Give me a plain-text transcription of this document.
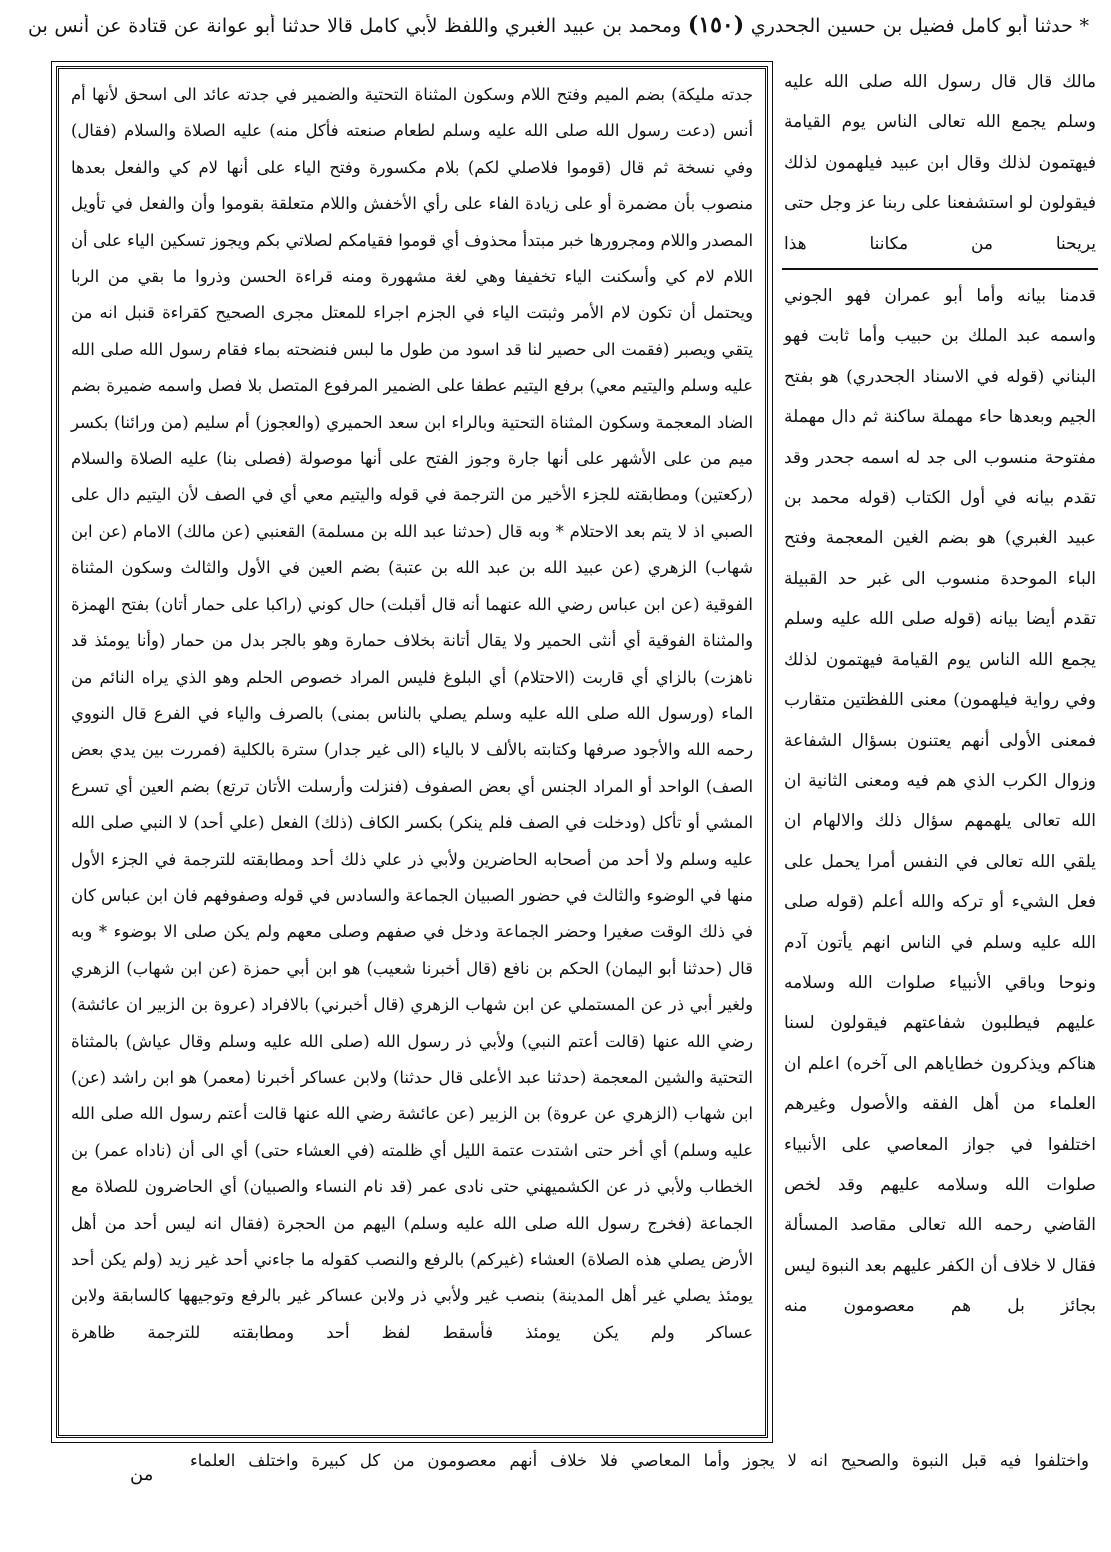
* حدثنا أبو كامل فضيل بن حسين الجحدري (١٥٠) ومحمد بن عبيد الغبري واللفظ لأبي كامل قالا حدثنا أبو عوانة عن قتادة عن أنس بن

مالك قال قال رسول الله صلى الله عليه وسلم يجمع الله تعالى الناس يوم القيامة فيهتمون لذلك وقال ابن عبيد فيلهمون لذلك فيقولون لو استشفعنا على ربنا عز وجل حتى يريحنا من مكاننا هذا

قدمنا بيانه وأما أبو عمران فهو الجوني واسمه عبد الملك بن حبيب وأما ثابت فهو البناني (قوله في الاسناد الجحدري) هو بفتح الجيم وبعدها حاء مهملة ساكنة ثم دال مهملة مفتوحة منسوب الى جد له اسمه جحدر وقد تقدم بيانه في أول الكتاب (قوله محمد بن عبيد الغبري) هو بضم الغين المعجمة وفتح الباء الموحدة منسوب الى غبر حد القبيلة تقدم أيضا بيانه (قوله صلى الله عليه وسلم يجمع الله الناس يوم القيامة فيهتمون لذلك وفي رواية فيلهمون) معنى اللفظتين متقارب فمعنى الأولى أنهم يعتنون بسؤال الشفاعة وزوال الكرب الذي هم فيه ومعنى الثانية ان الله تعالى يلهمهم سؤال ذلك والالهام ان يلقي الله تعالى في النفس أمرا يحمل على فعل الشيء أو تركه والله أعلم (قوله صلى الله عليه وسلم في الناس انهم يأتون آدم ونوحا وباقي الأنبياء صلوات الله وسلامه عليهم فيطلبون شفاعتهم فيقولون لسنا هناكم ويذكرون خطاياهم الى آخره) اعلم ان العلماء من أهل الفقه والأصول وغيرهم اختلفوا في جواز المعاصي على الأنبياء صلوات الله وسلامه عليهم وقد لخص القاضي رحمه الله تعالى مقاصد المسألة فقال لا خلاف أن الكفر عليهم بعد النبوة ليس بجائز بل هم معصومون منه

جدته مليكة) بضم الميم وفتح اللام وسكون المثناة التحتية والضمير في جدته عائد الى اسحق لأنها أم أنس (دعت رسول الله صلى الله عليه وسلم لطعام صنعته فأكل منه) عليه الصلاة والسلام (فقال) وفي نسخة ثم قال (قوموا فلاصلي لكم) بلام مكسورة وفتح الياء على أنها لام كي والفعل بعدها منصوب بأن مضمرة أو على زيادة الفاء على رأي الأخفش واللام متعلقة بقوموا وأن والفعل في تأويل المصدر واللام ومجرورها خبر مبتدأ محذوف أي قوموا فقيامكم لصلاتي بكم ويجوز تسكين الياء على أن اللام لام كي وأسكنت الياء تخفيفا وهي لغة مشهورة ومنه قراءة الحسن وذروا ما بقي من الربا ويحتمل أن تكون لام الأمر وثبتت الياء في الجزم اجراء للمعتل مجرى الصحيح كقراءة قنبل انه من يتقي ويصبر (فقمت الى حصير لنا قد اسود من طول ما لبس فنضحته بماء فقام رسول الله صلى الله عليه وسلم واليتيم معي) برفع اليتيم عطفا على الضمير المرفوع المتصل بلا فصل واسمه ضميرة بضم الضاد المعجمة وسكون المثناة التحتية وبالراء ابن سعد الحميري (والعجوز) أم سليم (من ورائنا) بكسر ميم من على الأشهر على أنها جارة وجوز الفتح على أنها موصولة (فصلى بنا) عليه الصلاة والسلام (ركعتين) ومطابقته للجزء الأخير من الترجمة في قوله واليتيم معي أي في الصف لأن اليتيم دال على الصبي اذ لا يتم بعد الاحتلام * وبه قال (حدثنا عبد الله بن مسلمة) القعنبي (عن مالك) الامام (عن ابن شهاب) الزهري (عن عبيد الله بن عبد الله بن عتبة) بضم العين في الأول والثالث وسكون المثناة الفوقية (عن ابن عباس رضي الله عنهما أنه قال أقبلت) حال كوني (راكبا على حمار أتان) بفتح الهمزة والمثناة الفوقية أي أنثى الحمير ولا يقال أتانة بخلاف حمارة وهو بالجر بدل من حمار (وأنا يومئذ قد ناهزت) بالزاي أي قاربت (الاحتلام) أي البلوغ فليس المراد خصوص الحلم وهو الذي يراه النائم من الماء (ورسول الله صلى الله عليه وسلم يصلي بالناس بمنى) بالصرف والياء في الفرع قال النووي رحمه الله والأجود صرفها وكتابته بالألف لا بالياء (الى غير جدار) سترة بالكلية (فمررت بين يدي بعض الصف) الواحد أو المراد الجنس أي بعض الصفوف (فنزلت وأرسلت الأتان ترتع) بضم العين أي تسرع المشي أو تأكل (ودخلت في الصف فلم ينكر) بكسر الكاف (ذلك) الفعل (علي أحد) لا النبي صلى الله عليه وسلم ولا أحد من أصحابه الحاضرين ولأبي ذر علي ذلك أحد ومطابقته للترجمة في الجزء الأول منها في الوضوء والثالث في حضور الصبيان الجماعة والسادس في قوله وصفوفهم فان ابن عباس كان في ذلك الوقت صغيرا وحضر الجماعة ودخل في صفهم وصلى معهم ولم يكن صلى الا بوضوء * وبه قال (حدثنا أبو اليمان) الحكم بن نافع (قال أخبرنا شعيب) هو ابن أبي حمزة (عن ابن شهاب) الزهري ولغير أبي ذر عن المستملي عن ابن شهاب الزهري (قال أخبرني) بالافراد (عروة بن الزبير ان عائشة) رضي الله عنها (قالت أعتم النبي) ولأبي ذر رسول الله (صلى الله عليه وسلم وقال عياش) بالمثناة التحتية والشين المعجمة (حدثنا عبد الأعلى قال حدثنا) ولابن عساكر أخبرنا (معمر) هو ابن راشد (عن) ابن شهاب (الزهري عن عروة) بن الزبير (عن عائشة رضي الله عنها قالت أعتم رسول الله صلى الله عليه وسلم) أي أخر حتى اشتدت عتمة الليل أي ظلمته (في العشاء حتى) أي الى أن (ناداه عمر) بن الخطاب ولأبي ذر عن الكشميهني حتى نادى عمر (قد نام النساء والصبيان) أي الحاضرون للصلاة مع الجماعة (فخرج رسول الله صلى الله عليه وسلم) اليهم من الحجرة (فقال انه ليس أحد من أهل الأرض يصلي هذه الصلاة) العشاء (غيركم) بالرفع والنصب كقوله ما جاءني أحد غير زيد (ولم يكن أحد يومئذ يصلي غير أهل المدينة) بنصب غير ولأبي ذر ولابن عساكر غير بالرفع وتوجيهها كالسابقة ولابن عساكر ولم يكن يومئذ فأسقط لفظ أحد ومطابقته للترجمة ظاهرة

واختلفوا فيه قبل النبوة والصحيح انه لا يجوز وأما المعاصي فلا خلاف أنهم معصومون من كل كبيرة واختلف العلماء
من
